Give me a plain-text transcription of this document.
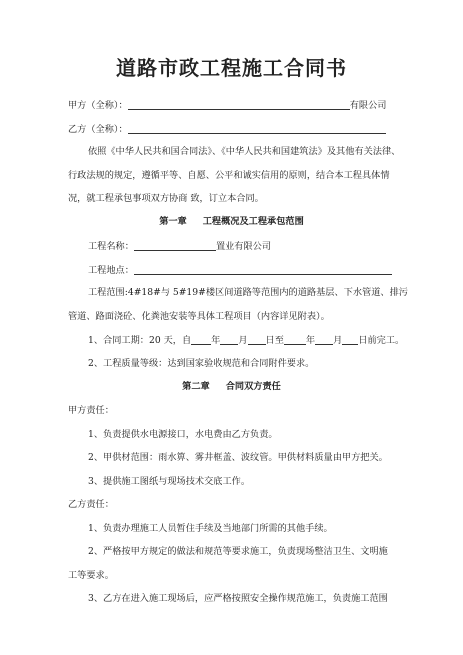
道路市政工程施工合同书
甲方（全称）：	有限公司
乙方（全称）：
依照《中华人民共和国合同法》、《中华人民共和国建筑法》及其他有关法律、
行政法规的规定，遵循平等、自愿、公平和诚实信用的原则，结合本工程具体情
况，就工程承包事项双方协商 致，订立本合同。
第一章 工程概况及工程承包范围
工程名称：	置业有限公司
工程地点：
工程范围:4#18#与 5#19#楼区间道路等范围内的道路基层、下水管道、排污
管道、路面浇砼、化粪池安装等具体工程项目（内容详见附表）。
1、合同工期：20 天，自 年 月 日至 年 月 日前完工。
2、工程质量等级：达到国家验收规范和合同附件要求。
第二章 合同双方责任
甲方责任：
1、负责提供水电源接口，水电费由乙方负责。
2、甲供材范围：雨水箅、雾井框盖、波纹管。甲供材料质量由甲方把关。
3、提供施工图纸与现场技术交底工作。
乙方责任：
1、负责办理施工人员暂住手续及当地部门所需的其他手续。
2、严格按甲方规定的做法和规范等要求施工，负责现场整洁卫生、文明施
工等要求。
3、乙方在进入施工现场后，应严格按照安全操作规范施工，负责施工范围
